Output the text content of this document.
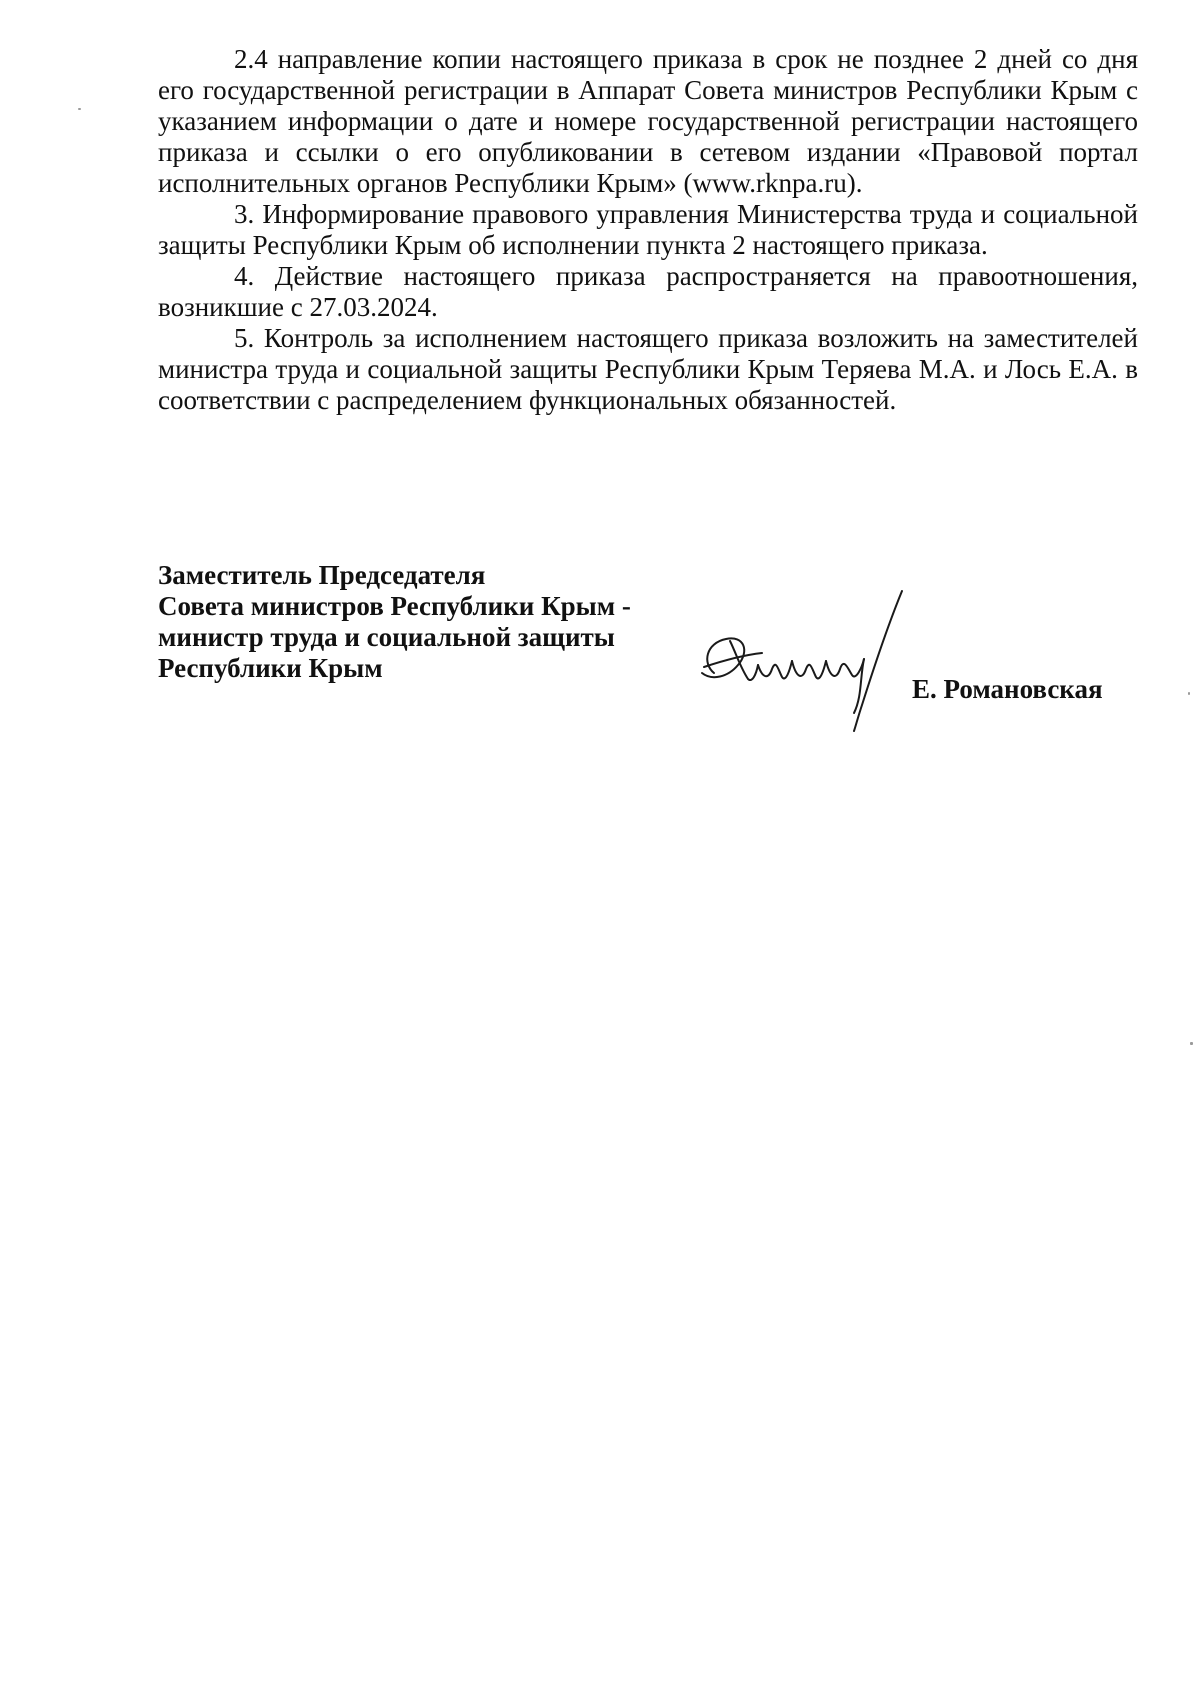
2.4 направление копии настоящего приказа в срок не позднее 2 дней со дня его государственной регистрации в Аппарат Совета министров Республики Крым с указанием информации о дате и номере государственной регистрации настоящего приказа и ссылки о его опубликовании в сетевом издании «Правовой портал исполнительных органов Республики Крым» (www.rknpa.ru).

3. Информирование правового управления Министерства труда и социальной защиты Республики Крым об исполнении пункта 2 настоящего приказа.

4. Действие настоящего приказа распространяется на правоотношения, возникшие с 27.03.2024.

5. Контроль за исполнением настоящего приказа возложить на заместителей министра труда и социальной защиты Республики Крым Теряева М.А. и Лось Е.А. в соответствии с распределением функциональных обязанностей.

Заместитель Председателя
Совета министров Республики Крым -
министр труда и социальной защиты
Республики Крым
Е. Романовская
